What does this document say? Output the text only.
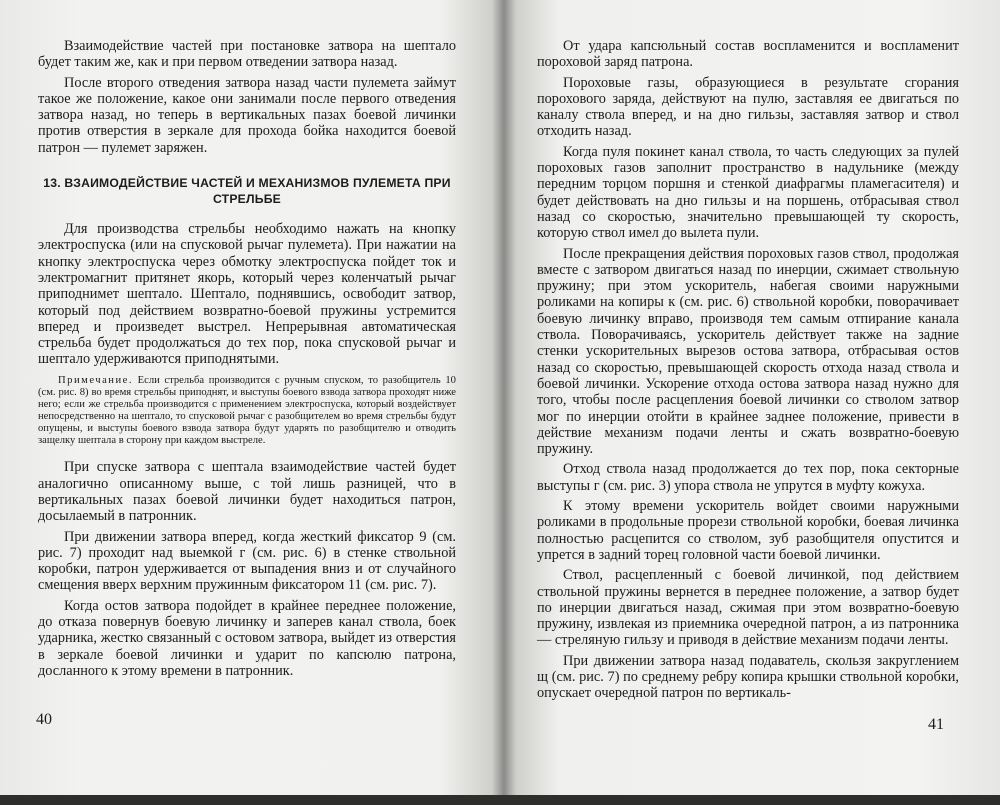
Взаимодействие частей при постановке затвора на шептало будет таким же, как и при первом отведении затвора назад.

После второго отведения затвора назад части пулемета займут такое же положение, какое они занимали после первого отведения затвора назад, но теперь в вертикальных пазах боевой личинки против отверстия в зеркале для прохода бойка находится боевой патрон — пулемет заряжен.

13. ВЗАИМОДЕЙСТВИЕ ЧАСТЕЙ И МЕХАНИЗМОВ ПУЛЕМЕТА ПРИ СТРЕЛЬБЕ

Для производства стрельбы необходимо нажать на кнопку электроспуска (или на спусковой рычаг пулемета). При нажатии на кнопку электроспуска через обмотку электроспуска пойдет ток и электромагнит притянет якорь, который через коленчатый рычаг приподнимет шептало. Шептало, поднявшись, освободит затвор, который под действием возвратно-боевой пружины устремится вперед и произведет выстрел. Непрерывная автоматическая стрельба будет продолжаться до тех пор, пока спусковой рычаг и шептало удерживаются приподнятыми.

Примечание. Если стрельба производится с ручным спуском, то разобщитель 10 (см. рис. 8) во время стрельбы приподнят, и выступы боевого взвода затвора проходят ниже него; если же стрельба производится с применением электроспуска, который воздействует непосредственно на шептало, то спусковой рычаг с разобщителем во время стрельбы будут опущены, и выступы боевого взвода затвора будут ударять по разобщителю и отводить защелку шептала в сторону при каждом выстреле.

При спуске затвора с шептала взаимодействие частей будет аналогично описанному выше, с той лишь разницей, что в вертикальных пазах боевой личинки будет находиться патрон, досылаемый в патронник.

При движении затвора вперед, когда жесткий фиксатор 9 (см. рис. 7) проходит над выемкой г (см. рис. 6) в стенке ствольной коробки, патрон удерживается от выпадения вниз и от случайного смещения вверх верхним пружинным фиксатором 11 (см. рис. 7).

Когда остов затвора подойдет в крайнее переднее положение, до отказа повернув боевую личинку и заперев канал ствола, боек ударника, жестко связанный с остовом затвора, выйдет из отверстия в зеркале боевой личинки и ударит по капсюлю патрона, досланного к этому времени в патронник.

40

От удара капсюльный состав воспламенится и воспламенит пороховой заряд патрона.

Пороховые газы, образующиеся в результате сгорания порохового заряда, действуют на пулю, заставляя ее двигаться по каналу ствола вперед, и на дно гильзы, заставляя затвор и ствол отходить назад.

Когда пуля покинет канал ствола, то часть следующих за пулей пороховых газов заполнит пространство в надульнике (между передним торцом поршня и стенкой диафрагмы пламегасителя) и будет действовать на дно гильзы и на поршень, отбрасывая ствол назад со скоростью, значительно превышающей ту скорость, которую ствол имел до вылета пули.

После прекращения действия пороховых газов ствол, продолжая вместе с затвором двигаться назад по инерции, сжимает ствольную пружину; при этом ускоритель, набегая своими наружными роликами на копиры к (см. рис. 6) ствольной коробки, поворачивает боевую личинку вправо, производя тем самым отпирание канала ствола. Поворачиваясь, ускоритель действует также на задние стенки ускорительных вырезов остова затвора, отбрасывая остов назад со скоростью, превышающей скорость отхода назад ствола и боевой личинки. Ускорение отхода остова затвора назад нужно для того, чтобы после расцепления боевой личинки со стволом затвор мог по инерции отойти в крайнее заднее положение, привести в действие механизм подачи ленты и сжать возвратно-боевую пружину.

Отход ствола назад продолжается до тех пор, пока секторные выступы г (см. рис. 3) упора ствола не упрутся в муфту кожуха.

К этому времени ускоритель войдет своими наружными роликами в продольные прорези ствольной коробки, боевая личинка полностью расцепится со стволом, зуб разобщителя опустится и упрется в задний торец головной части боевой личинки.

Ствол, расцепленный с боевой личинкой, под действием ствольной пружины вернется в переднее положение, а затвор будет по инерции двигаться назад, сжимая при этом возвратно-боевую пружину, извлекая из приемника очередной патрон, а из патронника — стреляную гильзу и приводя в действие механизм подачи ленты.

При движении затвора назад подаватель, скользя закруглением щ (см. рис. 7) по среднему ребру копира крышки ствольной коробки, опускает очередной патрон по вертикаль-

41
